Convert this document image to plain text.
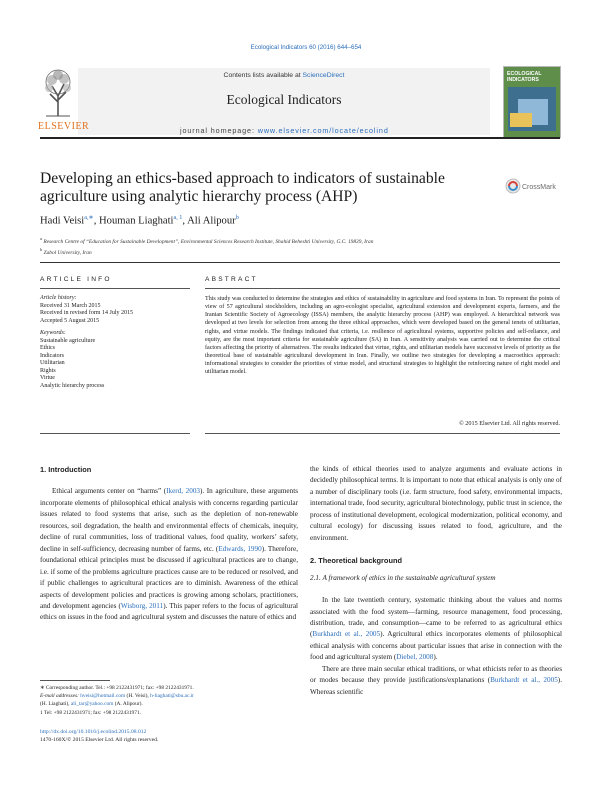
Ecological Indicators 60 (2016) 644–654
Contents lists available at ScienceDirect
Ecological Indicators
journal homepage: www.elsevier.com/locate/ecolind
ELSEVIER
ECOLOGICAL INDICATORS
Developing an ethics-based approach to indicators of sustainable agriculture using analytic hierarchy process (AHP)
CrossMark
Hadi Veisi$^{a,∗}$, Houman Liaghati$^{a, 1}$, Ali Alipour$^b$
$^a$ Research Centre of “Education for Sustainable Development”, Environmental Sciences Research Institute, Shahid Beheshti University, G.C. 19839, Iran
$^b$ Zabol University, Iran
ARTICLE INFO	ABSTRACT
Article history:
Received 31 March 2015
Received in revised form 14 July 2015
Accepted 5 August 2015
Keywords:
Sustainable agriculture
Ethics
Indicators
Utilitarian
Rights
Virtue
Analytic hierarchy process
This study was conducted to determine the strategies and ethics of sustainability in agriculture and food systems in Iran. To represent the points of view of 57 agricultural stockholders, including an agro-ecologist specialist, agricultural extension and development experts, farmers, and the Iranian Scientific Society of Agroecology (ISSA) members, the analytic hierarchy process (AHP) was employed. A hierarchical network was developed at two levels for selection from among the three ethical approaches, which were developed based on the general tenets of utilitarian, rights, and virtue models. The findings indicated that criteria, i.e. resilience of agricultural systems, supportive policies and self-reliance, and equity, are the most important criteria for sustainable agriculture (SA) in Iran. A sensitivity analysis was carried out to determine the critical factors affecting the priority of alternatives. The results indicated that virtue, rights, and utilitarian models have successive levels of priority as the theoretical base of sustainable agricultural development in Iran. Finally, we outline two strategies for developing a macroethics approach: informational strategies to consider the priorities of virtue model, and structural strategies to highlight the reinforcing nature of right model and utilitarian model.
© 2015 Elsevier Ltd. All rights reserved.
1. Introduction
Ethical arguments center on “harms” (Ikerd, 2003). In agriculture, these arguments incorporate elements of philosophical ethical analysis with concerns regarding particular issues related to food systems that arise, such as the depletion of non-renewable resources, soil degradation, the health and environmental effects of chemicals, inequity, decline of rural communities, loss of traditional values, food quality, workers’ safety, decline in self-sufficiency, decreasing number of farms, etc. (Edwards, 1990). Therefore, foundational ethical principles must be discussed if agricultural practices are to change, i.e. if some of the problems agriculture practices cause are to be reduced or resolved, and if public challenges to agricultural practices are to diminish. Awareness of the ethical aspects of development policies and practices is growing among scholars, practitioners, and development agencies (Wisborg, 2011). This paper refers to the focus of agricultural ethics on issues in the food and agricultural system and discusses the nature of ethics and
the kinds of ethical theories used to analyze arguments and evaluate actions in decidedly philosophical terms. It is important to note that ethical analysis is only one of a number of disciplinary tools (i.e. farm structure, food safety, environmental impacts, international trade, food security, agricultural biotechnology, public trust in science, the process of institutional development, ecological modernization, political economy, and cultural ecology) for discussing issues related to food, agriculture, and the environment.
2. Theoretical background
2.1. A framework of ethics in the sustainable agricultural system
In the late twentieth century, systematic thinking about the values and norms associated with the food system—farming, resource management, food processing, distribution, trade, and consumption—came to be referred to as agricultural ethics (Burkhardt et al., 2005). Agricultural ethics incorporates elements of philosophical ethical analysis with concerns about particular issues that arise in connection with the food and agricultural system (Diebel, 2008).
There are three main secular ethical traditions, or what ethicists refer to as theories or modes because they provide justifications/explanations (Burkhardt et al., 2005). Whereas scientific
∗ Corresponding author. Tel.: +98 2122431971; fax: +98 2122431971.
E-mail addresses: hveisi@hotmail.com (H. Veisi), h-liaghati@sbu.ac.ir
(H. Liaghati), ali_tar@yahoo.com (A. Alipour).
1 Tel: +98 2122431971; fax: +98 2122431971.
http://dx.doi.org/10.1016/j.ecolind.2015.08.012
1470-160X/© 2015 Elsevier Ltd. All rights reserved.
